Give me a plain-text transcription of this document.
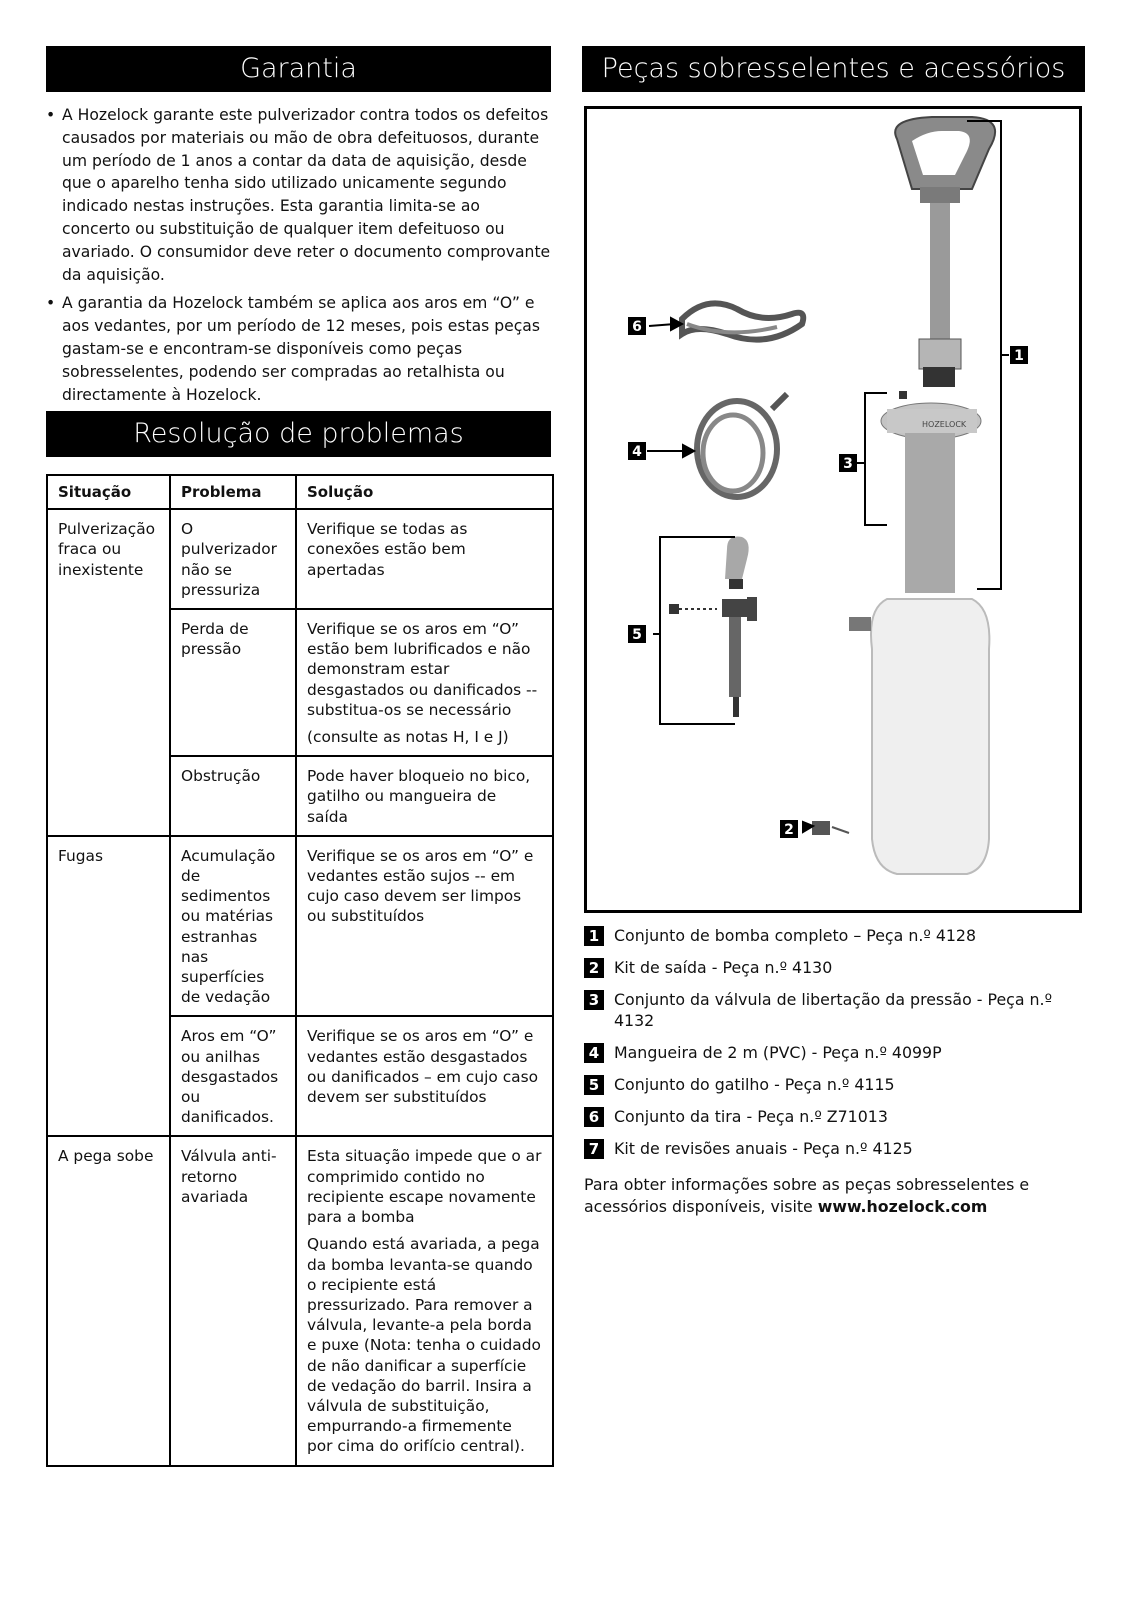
Garantia	Peças sobresselentes e acessórios
• A Hozelock garante este pulverizador contra todos os defeitos causados por materiais ou mão de obra defeituosos, durante um período de 1 anos a contar da data de aquisição, desde que o aparelho tenha sido utilizado unicamente segundo indicado nestas instruções. Esta garantia limita-se ao concerto ou substituição de qualquer item defeituoso ou avariado. O consumidor deve reter o documento comprovante da aquisição.
• A garantia da Hozelock também se aplica aos aros em “O” e aos vedantes, por um período de 12 meses, pois estas peças gastam-se e encontram-se disponíveis como peças sobresselentes, podendo ser compradas ao retalhista ou directamente à Hozelock.
Resolução de problemas
Situação	Problema	Solução
Pulverização fraca ou inexistente	O pulverizador não se pressuriza	Verifique se todas as conexões estão bem apertadas
	Perda de pressão	Verifique se os aros em “O” estão bem lubrificados e não demonstram estar desgastados ou danificados -- substitua-os se necessário
(consulte as notas H, I e J)

	Obstrução	Pode haver bloqueio no bico, gatilho ou mangueira de saída
Fugas	Acumulação de sedimentos ou matérias estranhas nas superfícies de vedação	Verifique se os aros em “O” e vedantes estão sujos -- em cujo caso devem ser limpos ou substituídos
	Aros em “O” ou anilhas desgastados ou danificados.	Verifique se os aros em “O” e vedantes estão desgastados ou danificados – em cujo caso devem ser substituídos
A pega sobe	Válvula anti-retorno avariada	Esta situação impede que o ar comprimido contido no recipiente escape novamente para a bomba
Quando está avariada, a pega da bomba levanta-se quando o recipiente está pressurizado. Para remover a válvula, levante-a pela borda e puxe (Nota: tenha o cuidado de não danificar a superfície de vedação do barril. Insira a válvula de substituição, empurrando-a firmemente por cima do orifício central).
HOZELOCK
1
2
3
4
5
6
1 Conjunto de bomba completo – Peça n.º 4128
2 Kit de saída - Peça n.º 4130
3 Conjunto da válvula de libertação da pressão - Peça n.º 4132
4 Mangueira de 2 m (PVC) - Peça n.º 4099P
5 Conjunto do gatilho - Peça n.º 4115
6 Conjunto da tira - Peça n.º Z71013
7 Kit de revisões anuais - Peça n.º 4125
Para obter informações sobre as peças sobresselentes e acessórios disponíveis, visite www.hozelock.com
